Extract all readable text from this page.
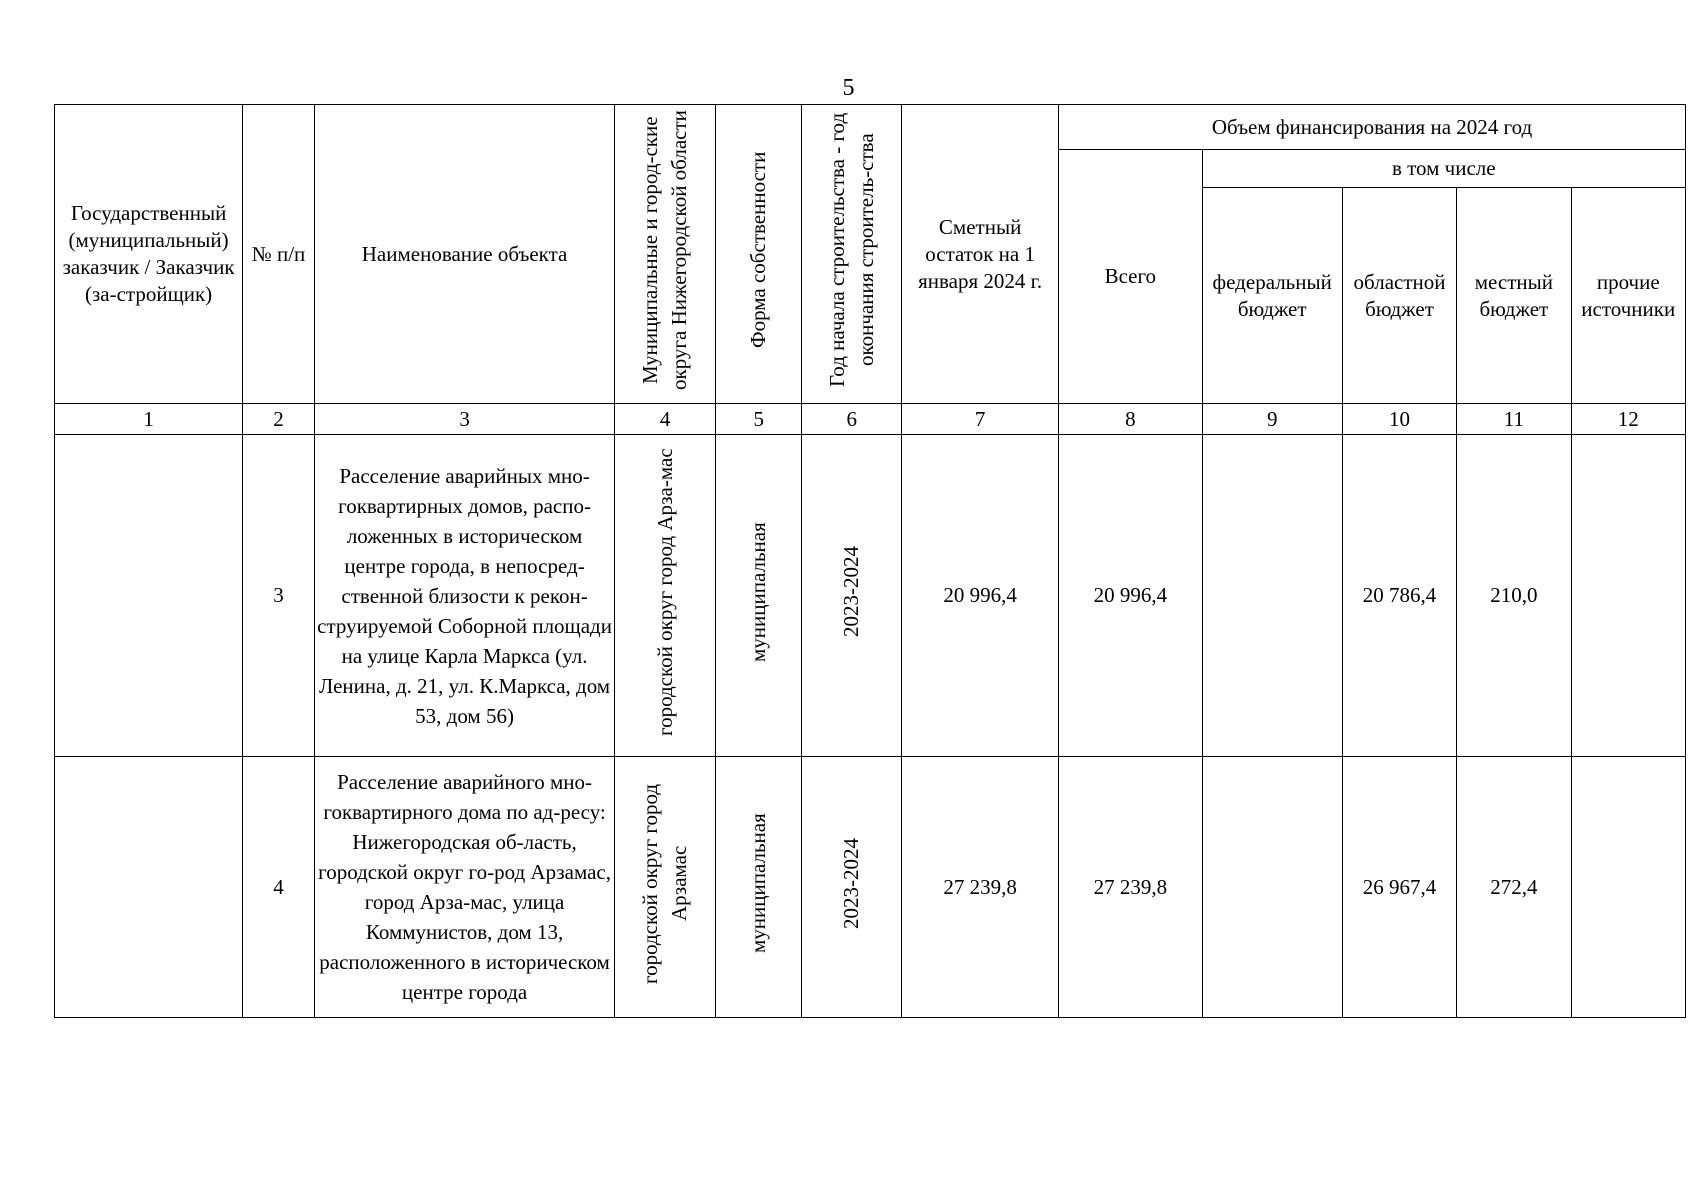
5
Государственный (муниципальный) заказчик / Заказчик (за-стройщик)	№ п/п	Наименование объекта	Муниципальные и город-ские округа Нижегородской области	Форма собственности	Год начала строительства - год окончания строитель-ства	Сметный остаток на 1 января 2024 г.	Объем финансирования на 2024 год				

							Всего	в том числе			

								федеральный бюджет	областной бюджет	местный бюджет	прочие источники

1	2	3	4	5	6	7	8	9	10	11	12
	3	Расселение аварийных мно-гоквартирных домов, распо-ложенных в историческом центре города, в непосред-ственной близости к рекон-струируемой Соборной площади на улице Карла Маркса (ул. Ленина, д. 21, ул. К.Маркса, дом 53, дом 56)	городской округ город Арза-мас	муниципальная	2023-2024	20 996,4	20 996,4		20 786,4	210,0	
	4	Расселение аварийного мно-гоквартирного дома по ад-ресу: Нижегородская об-ласть, городской округ го-род Арзамас, город Арза-мас, улица Коммунистов, дом 13, расположенного в историческом центре города	городской округ город Арзамас	муниципальная	2023-2024	27 239,8	27 239,8		26 967,4	272,4	
